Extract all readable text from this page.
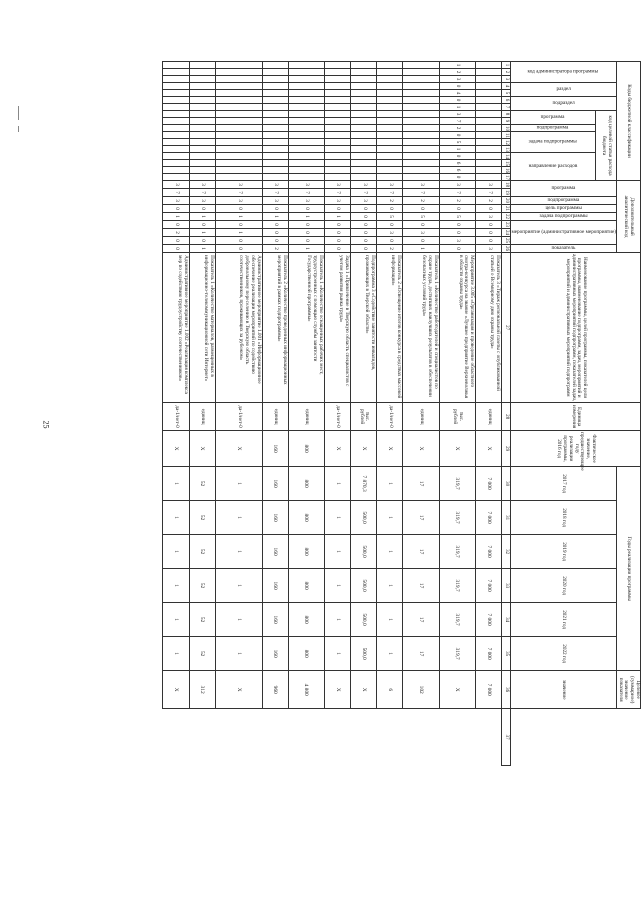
25
Коды бюджетной классификации																	Дополнительный аналитический код									Наименование программы, целей программы, показателей цели программы, наименование подпрограмм, задач, мероприятий и административных мероприятий подпрограмм, показателей задач, мероприятий и административных мероприятий подпрограмм	Единица измерения	Фактическое значение, предшествующее году реализации программы, 2016 год	Годы реализации программы						Целевое (суммарное) значение показателя	
код администратора программы			раздел		подраздел		код целевой статьи расхода бюджета										программа		подпрограмма	цель программы	задача подпрограммы	мероприятие (административное мероприятие)			показатель				2017 год	2018 год	2019 год	2020 год	2021 год	2022 год	значение	
							программа		подпрограмма	задача подпрограммы			направление расходов																							
1	2	3	4	5	6	7	8	9	10	11	12	13	14	15	16	17	18	19	20	21	22	23	24	25	26	27	28	29	30	31	32	33	34	35	36	37
																	3	7	2	0	3	0	0	0	3	Показатель 3 «Тираж региональной газеты с опубликованной статьей о Всемирному дню охраны труда»	единиц	X	7 000	7 000	7 000	7 000	7 000	7 000	7 000	
1	2	3	0	4	0	1	3	7	2	0	5	1	0	6	6	0	3	7	2	0	5	0	0	3	0	Мероприятие 3.005 «Организация и проведение областного смотра-конкурса на звание «Лучшее предприятие Верхневолжья в области охраны труда»	тыс. рублей	X	319,7	319,7	319,7	319,7	319,7	319,7	X	
																	3	7	2	0	5	0	3	0	1	Показатель 1 «Количество работодателей и специалистов по охране труда, достигших наилучших результатов в обеспечении безопасных условий труда»	единиц	X	17	17	17	17	17	17	102	
																	3	7	2	0	5	0	3	0	2	Показатель 2 «Освещение итогов конкурса в средствах массовой информации»	да-1/нет-0	X	1	1	1	1	1	1	6	
																	3	7	3	0	0	0	0	0	0	Подпрограмма 3 «Содействие занятости инвалидов, проживающих в Тверской области»	тыс. рублей	X	7 870,3	500,0	500,0	500,0	500,0	500,0	X	
																	3	7	3	0	1	0	0	0	0	Задача 1 «Привлечение в Тверскую область специалистов с учетом развития рынка труда»	да-1/нет-0	X	1	1	1	1	1	1	X	
																	3	7	3	0	1	0	0	0	1	Показатель 1 «Количество оснащенных рабочих мест, трудоустроенных с помощью службы занятости Государственной программы»	единиц	800	800	800	800	800	800	800	4 800	
																	3	7	3	0	1	0	0	0	2	Показатель 2 «Количество проведенных информационных мероприятий в рамках подпрограммы»	единиц	160	160	160	160	160	160	160	960	
																	3	7	3	0	1	0	1	0	0	Административное мероприятие 1.001 «Информационное обеспечение реализации мероприятий по содействию добровольному переселению в Тверскую область соотечественников, проживающих за рубежом»	да-1/нет-0	X	1	1	1	1	1	1	X	
																	3	7	3	0	1	0	1	0	1	Показатель 1 «Количество материалов, размещенных в информационно-телекоммуникационной сети Интернет»	единиц	X	52	52	52	52	52	52	312	
																	3	7	3	0	1	0	2	0	0	Административное мероприятие 1.002 «Реализация комплекса мер по содействию трудоустройству соотечественников»	да-1/нет-0	X	1	1	1	1	1	1	X	
